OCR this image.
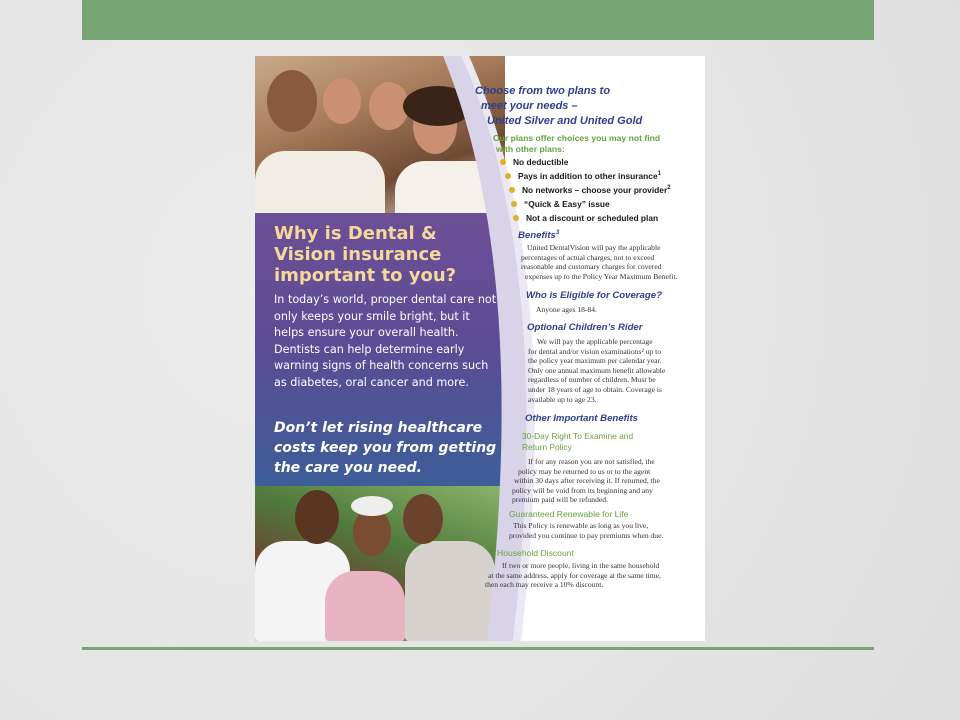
Why is Dental & Vision insurance important to you?
In today’s world, proper dental care not only keeps your smile bright, but it helps ensure your overall health. Dentists can help determine early warning signs of health concerns such as diabetes, oral cancer and more.
Don’t let rising healthcare costs keep you from getting the care you need.
Choose from two plans to
meet your needs –
United Silver and United Gold
Our plans offer choices you may not find
with other plans:
No deductible
Pays in addition to other insurance$^1$
No networks – choose your provider$^2$
“Quick & Easy” issue
Not a discount or scheduled plan
Benefits$^3$
United DentalVision will pay the applicable
percentages of actual charges, not to exceed
reasonable and customary charges for covered
expenses up to the Policy Year Maximum Benefit.
Who is Eligible for Coverage?
Anyone ages 18-84.
Optional Children’s Rider
We will pay the applicable percentage
for dental and/or vision examinations² up to
the policy year maximum per calendar year.
Only one annual maximum benefit allowable
regardless of number of children. Must be
under 18 years of age to obtain. Coverage is
available up to age 23.
Other Important Benefits
30-Day Right To Examine and
Return Policy
If for any reason you are not satisfied, the
policy may be returned to us or to the agent
within 30 days after receiving it. If returned, the
policy will be void from its beginning and any
premium paid will be refunded.
Guaranteed Renewable for Life
This Policy is renewable as long as you live,
provided you continue to pay premiums when due.
Household Discount
If two or more people, living in the same household
at the same address, apply for coverage at the same time,
then each may receive a 10% discount.
